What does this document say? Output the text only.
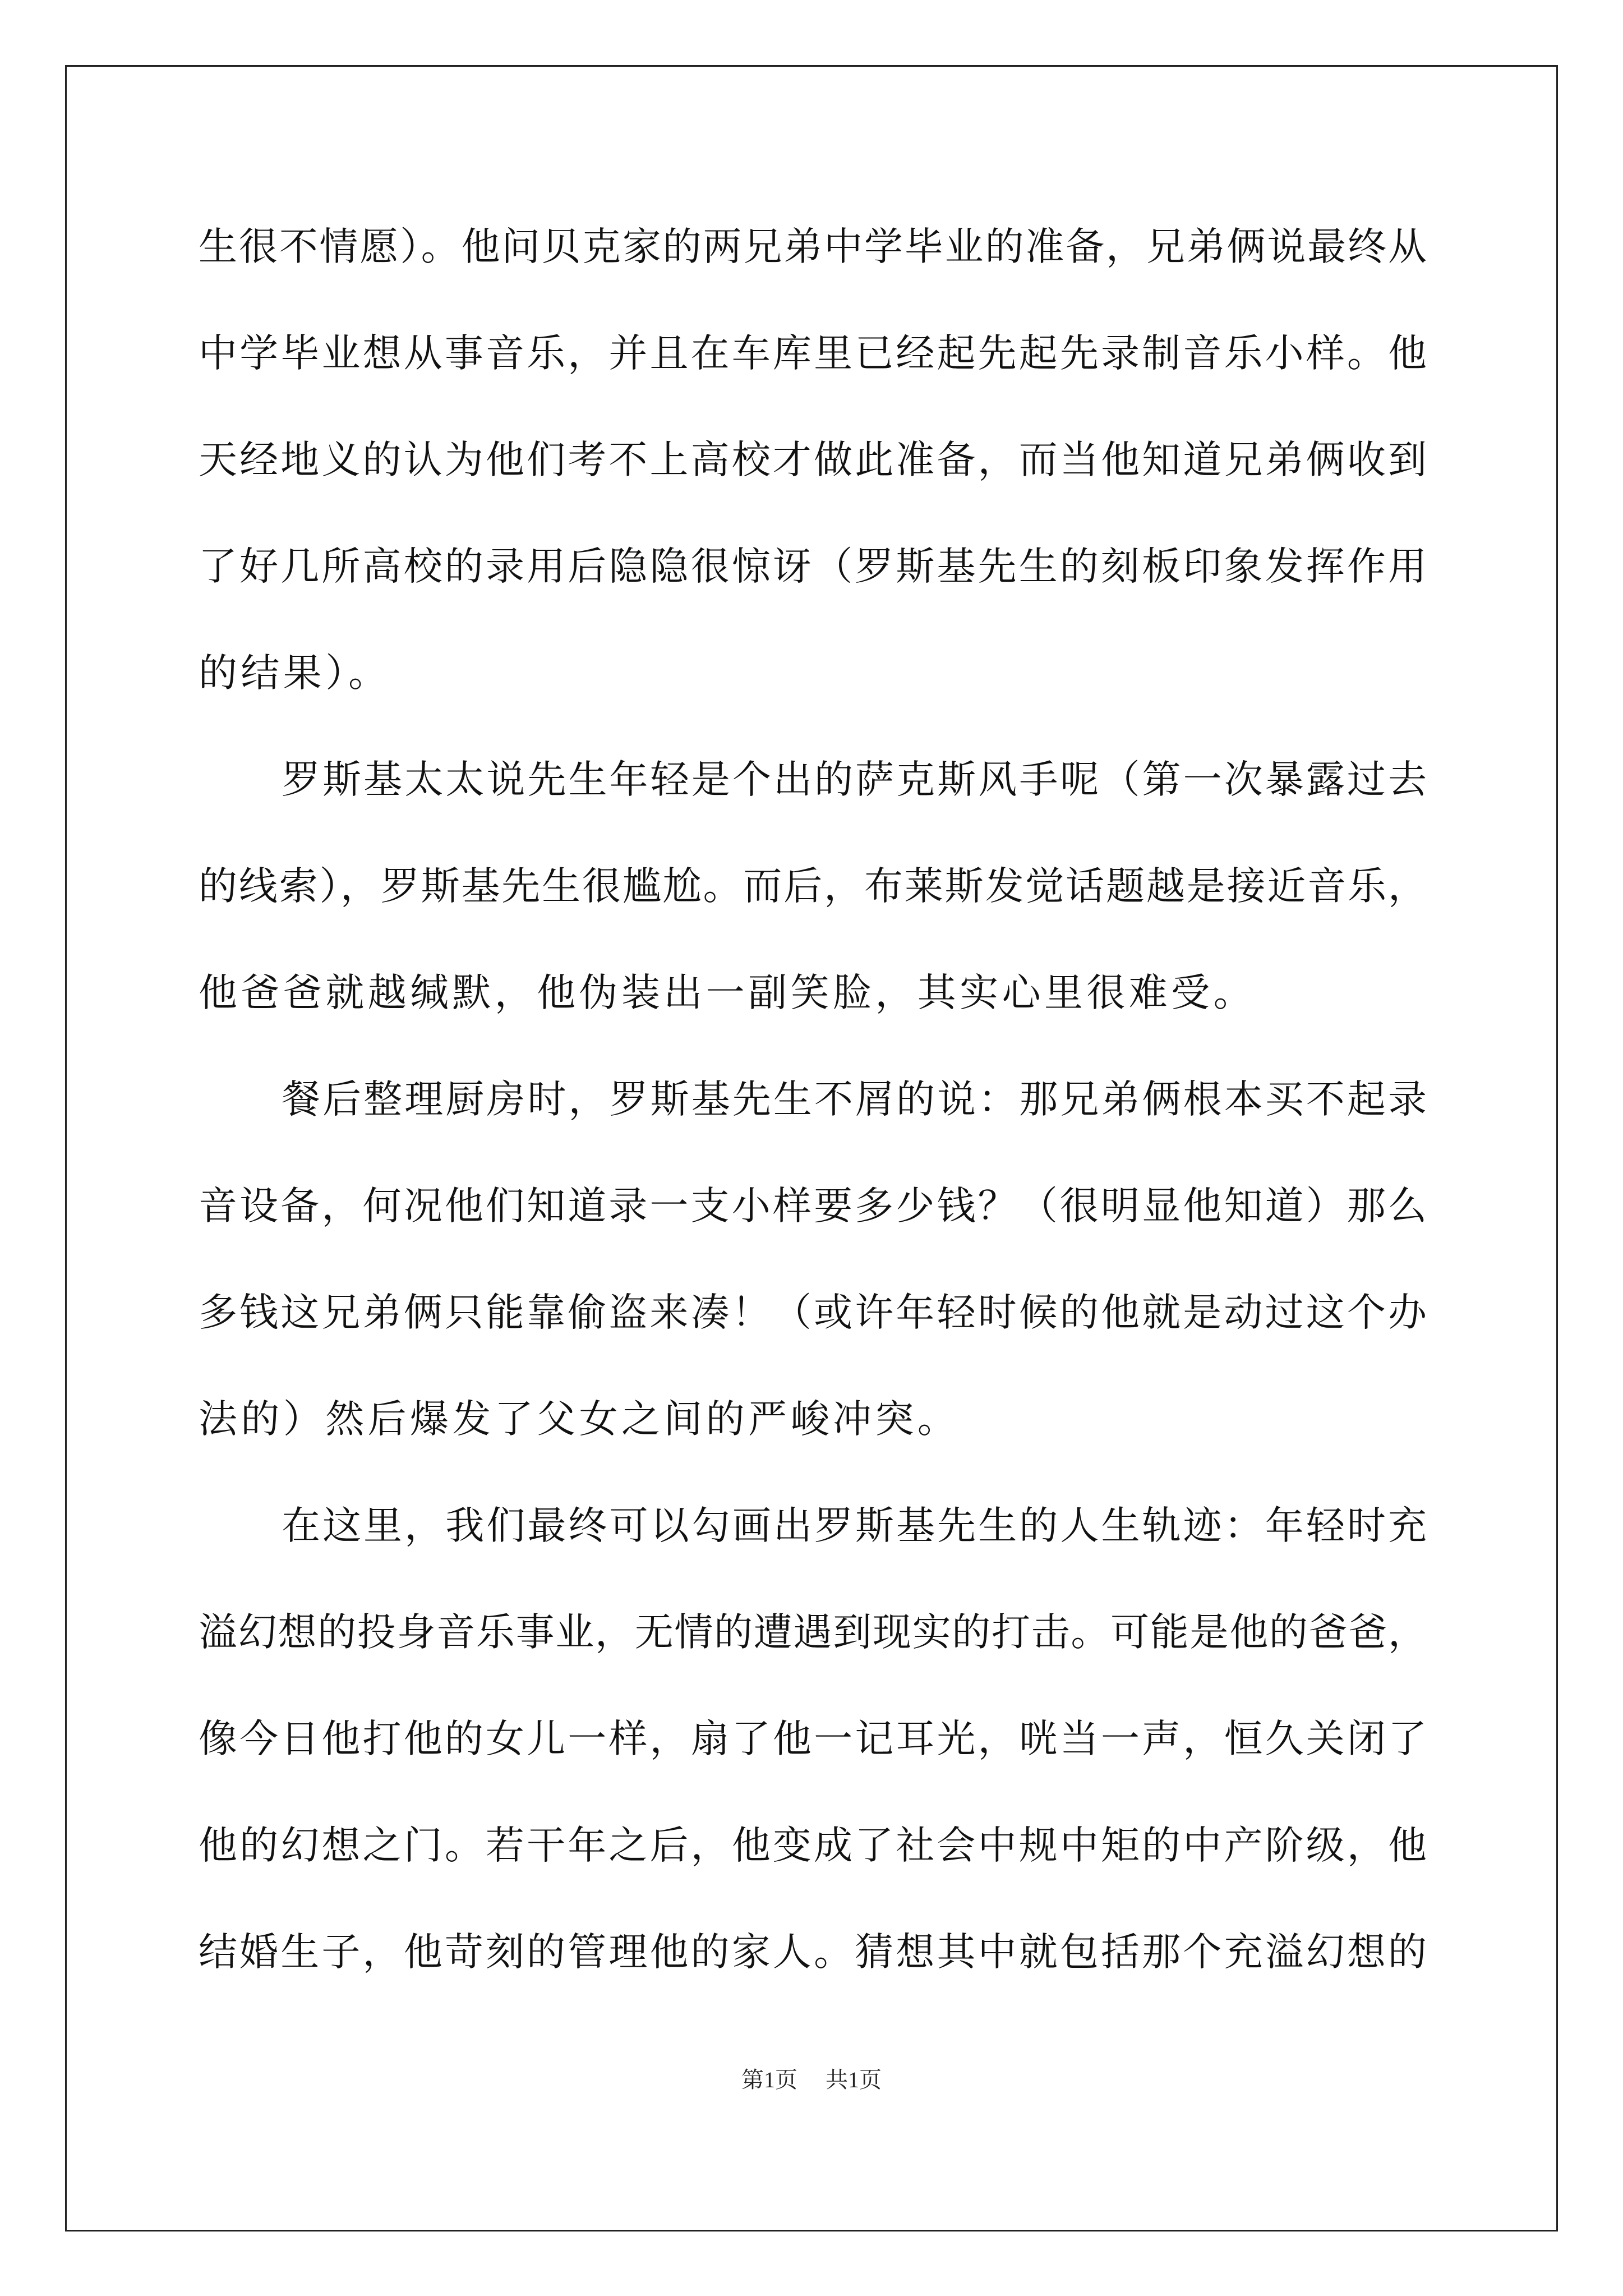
生很不情愿）。他问贝克家的两兄弟中学毕业的准备，兄弟俩说最终从
中学毕业想从事音乐，并且在车库里已经起先起先录制音乐小样。他
天经地义的认为他们考不上高校才做此准备，而当他知道兄弟俩收到
了好几所高校的录用后隐隐很惊讶（罗斯基先生的刻板印象发挥作用
的结果）。
罗斯基太太说先生年轻是个出的萨克斯风手呢（第一次暴露过去
的线索），罗斯基先生很尴尬。而后，布莱斯发觉话题越是接近音乐，
他爸爸就越缄默，他伪装出一副笑脸，其实心里很难受。
餐后整理厨房时，罗斯基先生不屑的说：那兄弟俩根本买不起录
音设备，何况他们知道录一支小样要多少钱？（很明显他知道）那么
多钱这兄弟俩只能靠偷盗来凑！（或许年轻时候的他就是动过这个办
法的）然后爆发了父女之间的严峻冲突。
在这里，我们最终可以勾画出罗斯基先生的人生轨迹：年轻时充
溢幻想的投身音乐事业，无情的遭遇到现实的打击。可能是他的爸爸，
像今日他打他的女儿一样，扇了他一记耳光，咣当一声，恒久关闭了
他的幻想之门。若干年之后，他变成了社会中规中矩的中产阶级，他
结婚生子，他苛刻的管理他的家人。猜想其中就包括那个充溢幻想的
第1页 共1页
